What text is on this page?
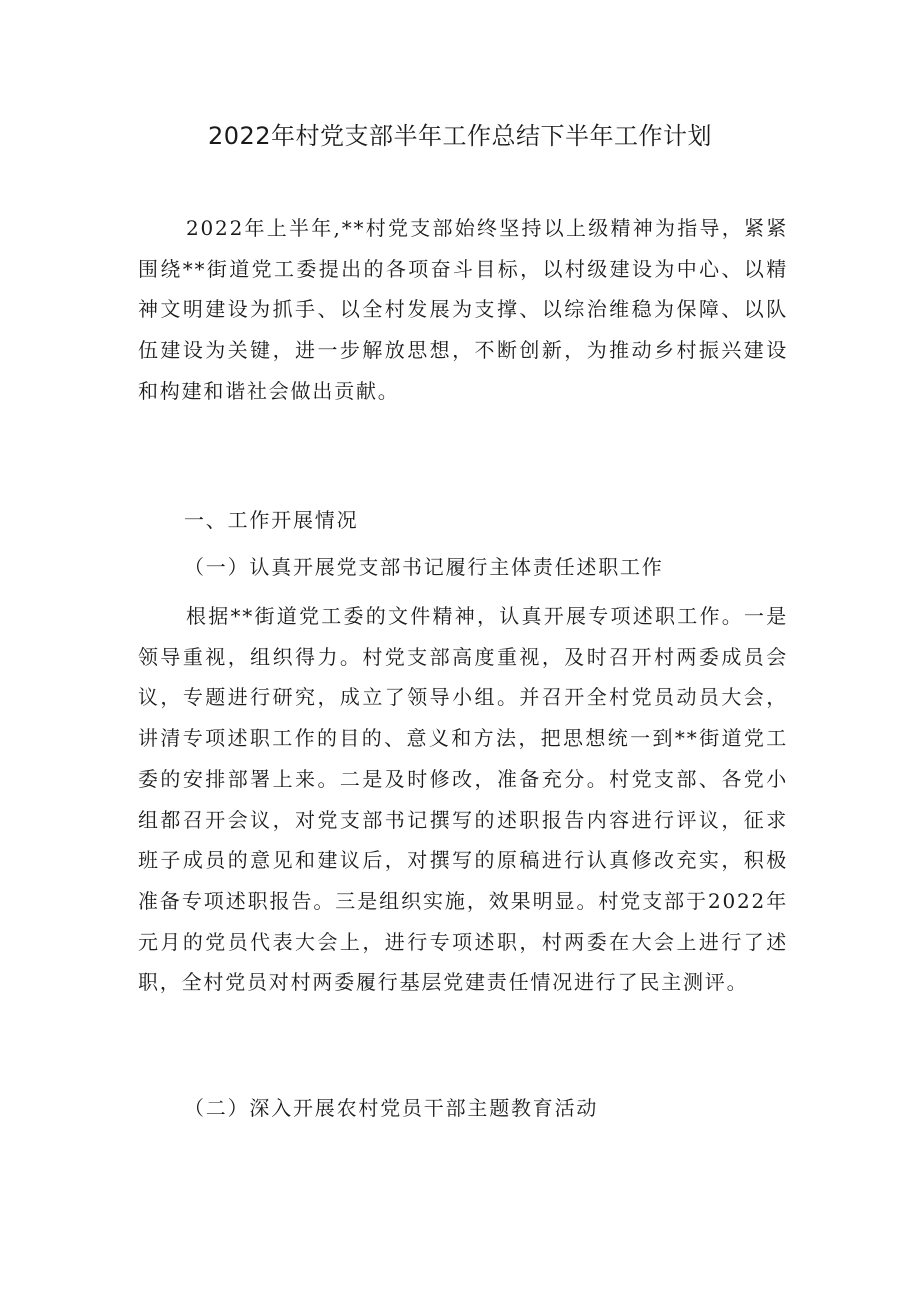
2022年村党支部半年工作总结下半年工作计划

2022年上半年,**村党支部始终坚持以上级精神为指导，紧紧围绕**街道党工委提出的各项奋斗目标，以村级建设为中心、以精神文明建设为抓手、以全村发展为支撑、以综治维稳为保障、以队伍建设为关键，进一步解放思想，不断创新，为推动乡村振兴建设和构建和谐社会做出贡献。

一、工作开展情况

（一）认真开展党支部书记履行主体责任述职工作

根据**街道党工委的文件精神，认真开展专项述职工作。一是领导重视，组织得力。村党支部高度重视，及时召开村两委成员会议，专题进行研究，成立了领导小组。并召开全村党员动员大会，讲清专项述职工作的目的、意义和方法，把思想统一到**街道党工委的安排部署上来。二是及时修改，准备充分。村党支部、各党小组都召开会议，对党支部书记撰写的述职报告内容进行评议，征求班子成员的意见和建议后，对撰写的原稿进行认真修改充实，积极准备专项述职报告。三是组织实施，效果明显。村党支部于2022年元月的党员代表大会上，进行专项述职，村两委在大会上进行了述职，全村党员对村两委履行基层党建责任情况进行了民主测评。

（二）深入开展农村党员干部主题教育活动
